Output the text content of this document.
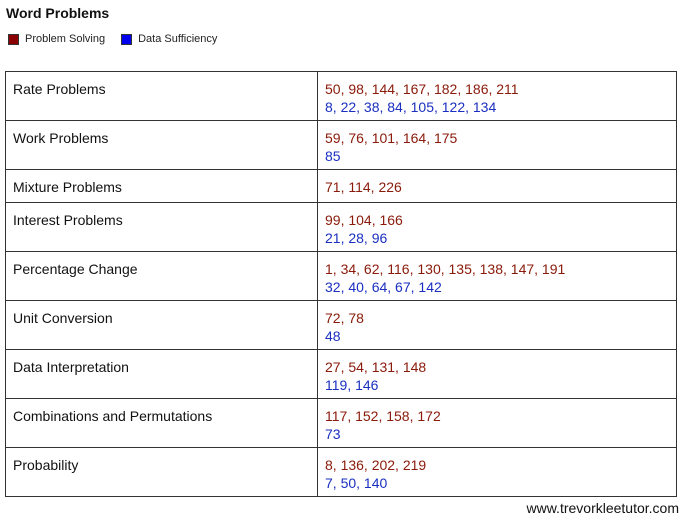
Word Problems
Problem Solving	Data Sufficiency
Rate Problems	50, 98, 144, 167, 182, 186, 211
8, 22, 38, 84, 105, 122, 134

Work Problems	59, 76, 101, 164, 175
85

Mixture Problems	71, 114, 226

Interest Problems	99, 104, 166
21, 28, 96

Percentage Change	1, 34, 62, 116, 130, 135, 138, 147, 191
32, 40, 64, 67, 142

Unit Conversion	72, 78
48

Data Interpretation	27, 54, 131, 148
119, 146

Combinations and Permutations	117, 152, 158, 172
73

Probability	8, 136, 202, 219
7, 50, 140
www.trevorkleetutor.com
